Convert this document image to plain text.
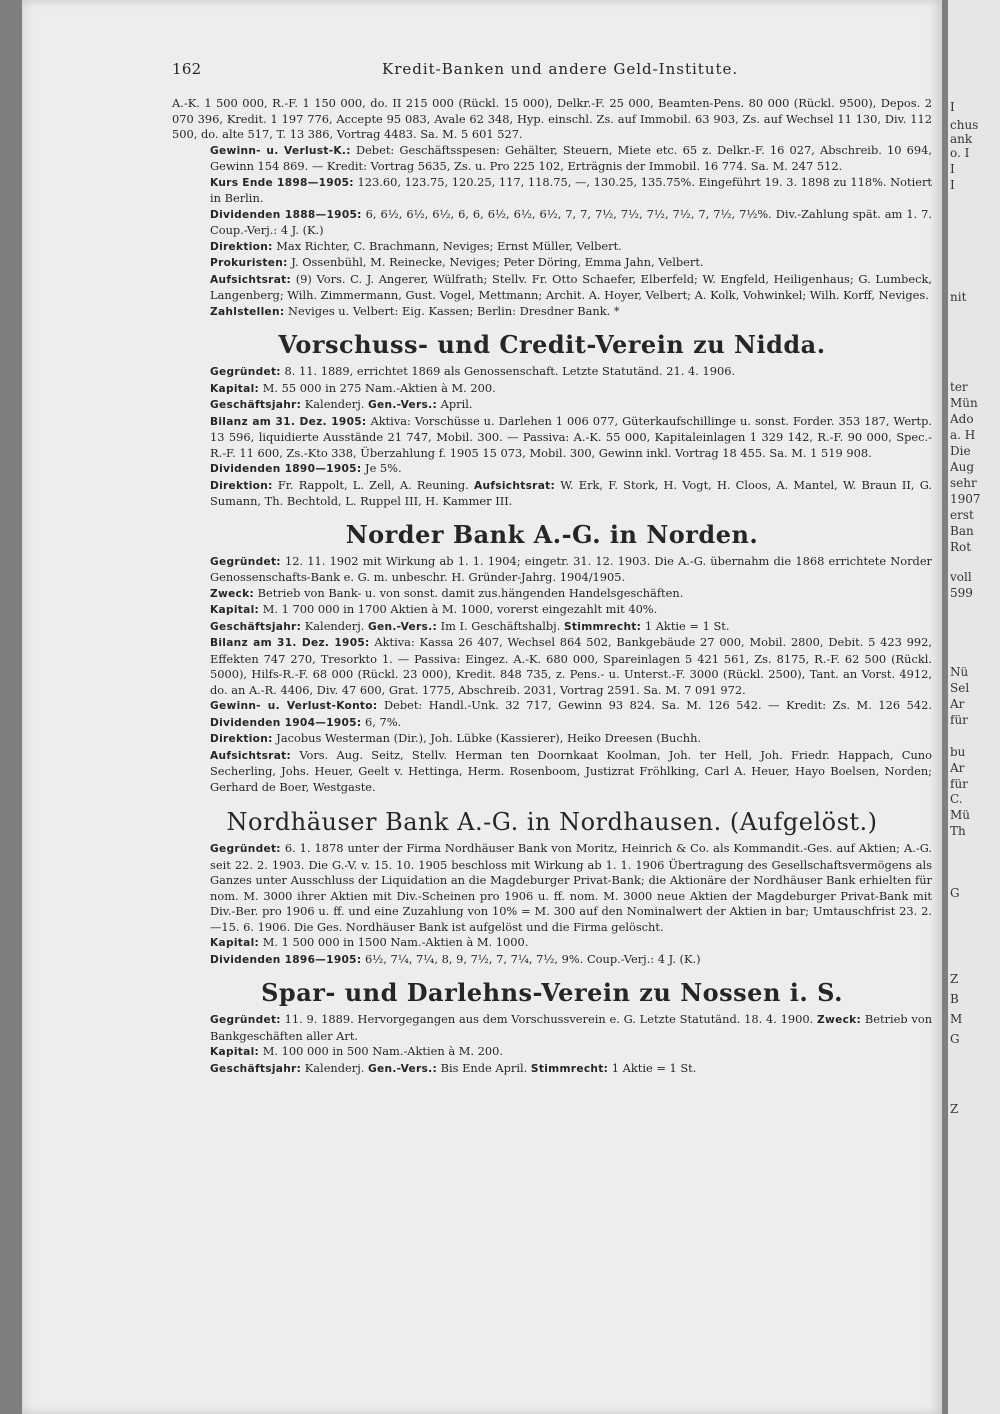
162	Kredit-Banken und andere Geld-Institute.

A.-K. 1 500 000, R.-F. 1 150 000, do. II 215 000 (Rückl. 15 000), Delkr.-F. 25 000, Beamten-Pens. 80 000 (Rückl. 9500), Depos. 2 070 396, Kredit. 1 197 776, Accepte 95 083, Avale 62 348, Hyp. einschl. Zs. auf Immobil. 63 903, Zs. auf Wechsel 11 130, Div. 112 500, do. alte 517, T. 13 386, Vortrag 4483. Sa. M. 5 601 527.

Gewinn- u. Verlust-K.: Debet: Geschäftsspesen: Gehälter, Steuern, Miete etc. 65 z. Delkr.-F. 16 027, Abschreib. 10 694, Gewinn 154 869. — Kredit: Vortrag 5635, Zs. u. Pro 225 102, Erträgnis der Immobil. 16 774. Sa. M. 247 512.

Kurs Ende 1898—1905: 123.60, 123.75, 120.25, 117, 118.75, —, 130.25, 135.75%. Eingeführt 19. 3. 1898 zu 118%. Notiert in Berlin.

Dividenden 1888—1905: 6, 6½, 6½, 6½, 6, 6, 6½, 6½, 6½, 7, 7, 7½, 7½, 7½, 7½, 7, 7½, 7½%. Div.-Zahlung spät. am 1. 7. Coup.-Verj.: 4 J. (K.)

Direktion: Max Richter, C. Brachmann, Neviges; Ernst Müller, Velbert.

Prokuristen: J. Ossenbühl, M. Reinecke, Neviges; Peter Döring, Emma Jahn, Velbert.

Aufsichtsrat: (9) Vors. C. J. Angerer, Wülfrath; Stellv. Fr. Otto Schaefer, Elberfeld; W. Engfeld, Heiligenhaus; G. Lumbeck, Langenberg; Wilh. Zimmermann, Gust. Vogel, Mettmann; Archit. A. Hoyer, Velbert; A. Kolk, Vohwinkel; Wilh. Korff, Neviges.

Zahlstellen: Neviges u. Velbert: Eig. Kassen; Berlin: Dresdner Bank. *

Vorschuss- und Credit-Verein zu Nidda.

Gegründet: 8. 11. 1889, errichtet 1869 als Genossenschaft. Letzte Statutänd. 21. 4. 1906.

Kapital: M. 55 000 in 275 Nam.-Aktien à M. 200.

Geschäftsjahr: Kalenderj. Gen.-Vers.: April.

Bilanz am 31. Dez. 1905: Aktiva: Vorschüsse u. Darlehen 1 006 077, Güterkaufschillinge u. sonst. Forder. 353 187, Wertp. 13 596, liquidierte Ausstände 21 747, Mobil. 300. — Passiva: A.-K. 55 000, Kapitaleinlagen 1 329 142, R.-F. 90 000, Spec.-R.-F. 11 600, Zs.-Kto 338, Überzahlung f. 1905 15 073, Mobil. 300, Gewinn inkl. Vortrag 18 455. Sa. M. 1 519 908.

Dividenden 1890—1905: Je 5%.

Direktion: Fr. Rappolt, L. Zell, A. Reuning. Aufsichtsrat: W. Erk, F. Stork, H. Vogt, H. Cloos, A. Mantel, W. Braun II, G. Sumann, Th. Bechtold, L. Ruppel III, H. Kammer III.

Norder Bank A.-G. in Norden.

Gegründet: 12. 11. 1902 mit Wirkung ab 1. 1. 1904; eingetr. 31. 12. 1903. Die A.-G. übernahm die 1868 errichtete Norder Genossenschafts-Bank e. G. m. unbeschr. H. Gründer-Jahrg. 1904/1905.

Zweck: Betrieb von Bank- u. von sonst. damit zus.hängenden Handelsgeschäften.

Kapital: M. 1 700 000 in 1700 Aktien à M. 1000, vorerst eingezahlt mit 40%.

Geschäftsjahr: Kalenderj. Gen.-Vers.: Im I. Geschäftshalbj. Stimmrecht: 1 Aktie = 1 St.

Bilanz am 31. Dez. 1905: Aktiva: Kassa 26 407, Wechsel 864 502, Bankgebäude 27 000, Mobil. 2800, Debit. 5 423 992, Effekten 747 270, Tresorkto 1. — Passiva: Eingez. A.-K. 680 000, Spareinlagen 5 421 561, Zs. 8175, R.-F. 62 500 (Rückl. 5000), Hilfs-R.-F. 68 000 (Rückl. 23 000), Kredit. 848 735, z. Pens.- u. Unterst.-F. 3000 (Rückl. 2500), Tant. an Vorst. 4912, do. an A.-R. 4406, Div. 47 600, Grat. 1775, Abschreib. 2031, Vortrag 2591. Sa. M. 7 091 972.

Gewinn- u. Verlust-Konto: Debet: Handl.-Unk. 32 717, Gewinn 93 824. Sa. M. 126 542. — Kredit: Zs. M. 126 542. Dividenden 1904—1905: 6, 7%.

Direktion: Jacobus Westerman (Dir.), Joh. Lübke (Kassierer), Heiko Dreesen (Buchh.

Aufsichtsrat: Vors. Aug. Seitz, Stellv. Herman ten Doornkaat Koolman, Joh. ter Hell, Joh. Friedr. Happach, Cuno Secherling, Johs. Heuer, Geelt v. Hettinga, Herm. Rosenboom, Justizrat Fröhlking, Carl A. Heuer, Hayo Boelsen, Norden; Gerhard de Boer, Westgaste.

Nordhäuser Bank A.-G. in Nordhausen. (Aufgelöst.)

Gegründet: 6. 1. 1878 unter der Firma Nordhäuser Bank von Moritz, Heinrich & Co. als Kommandit.-Ges. auf Aktien; A.-G. seit 22. 2. 1903. Die G.-V. v. 15. 10. 1905 beschloss mit Wirkung ab 1. 1. 1906 Übertragung des Gesellschaftsvermögens als Ganzes unter Ausschluss der Liquidation an die Magdeburger Privat-Bank; die Aktionäre der Nordhäuser Bank erhielten für nom. M. 3000 ihrer Aktien mit Div.-Scheinen pro 1906 u. ff. nom. M. 3000 neue Aktien der Magdeburger Privat-Bank mit Div.-Ber. pro 1906 u. ff. und eine Zuzahlung von 10% = M. 300 auf den Nominalwert der Aktien in bar; Umtauschfrist 23. 2.—15. 6. 1906. Die Ges. Nordhäuser Bank ist aufgelöst und die Firma gelöscht.

Kapital: M. 1 500 000 in 1500 Nam.-Aktien à M. 1000.

Dividenden 1896—1905: 6½, 7¼, 7¼, 8, 9, 7½, 7, 7¼, 7½, 9%. Coup.-Verj.: 4 J. (K.)

Spar- und Darlehns-Verein zu Nossen i. S.

Gegründet: 11. 9. 1889. Hervorgegangen aus dem Vorschussverein e. G. Letzte Statutänd. 18. 4. 1900. Zweck: Betrieb von Bankgeschäften aller Art.

Kapital: M. 100 000 in 500 Nam.-Aktien à M. 200.

Geschäftsjahr: Kalenderj. Gen.-Vers.: Bis Ende April. Stimmrecht: 1 Aktie = 1 St.

I
chus
ank
o. I
I
I
nit
ter
Mün
Ado
a. H
Die
Aug
sehr
1907
erst
Ban
Rot
voll
599
Nü
Sel
Ar
für
bu
Ar
für
C.
Mü
Th
G
Z
B
M
G
Z
